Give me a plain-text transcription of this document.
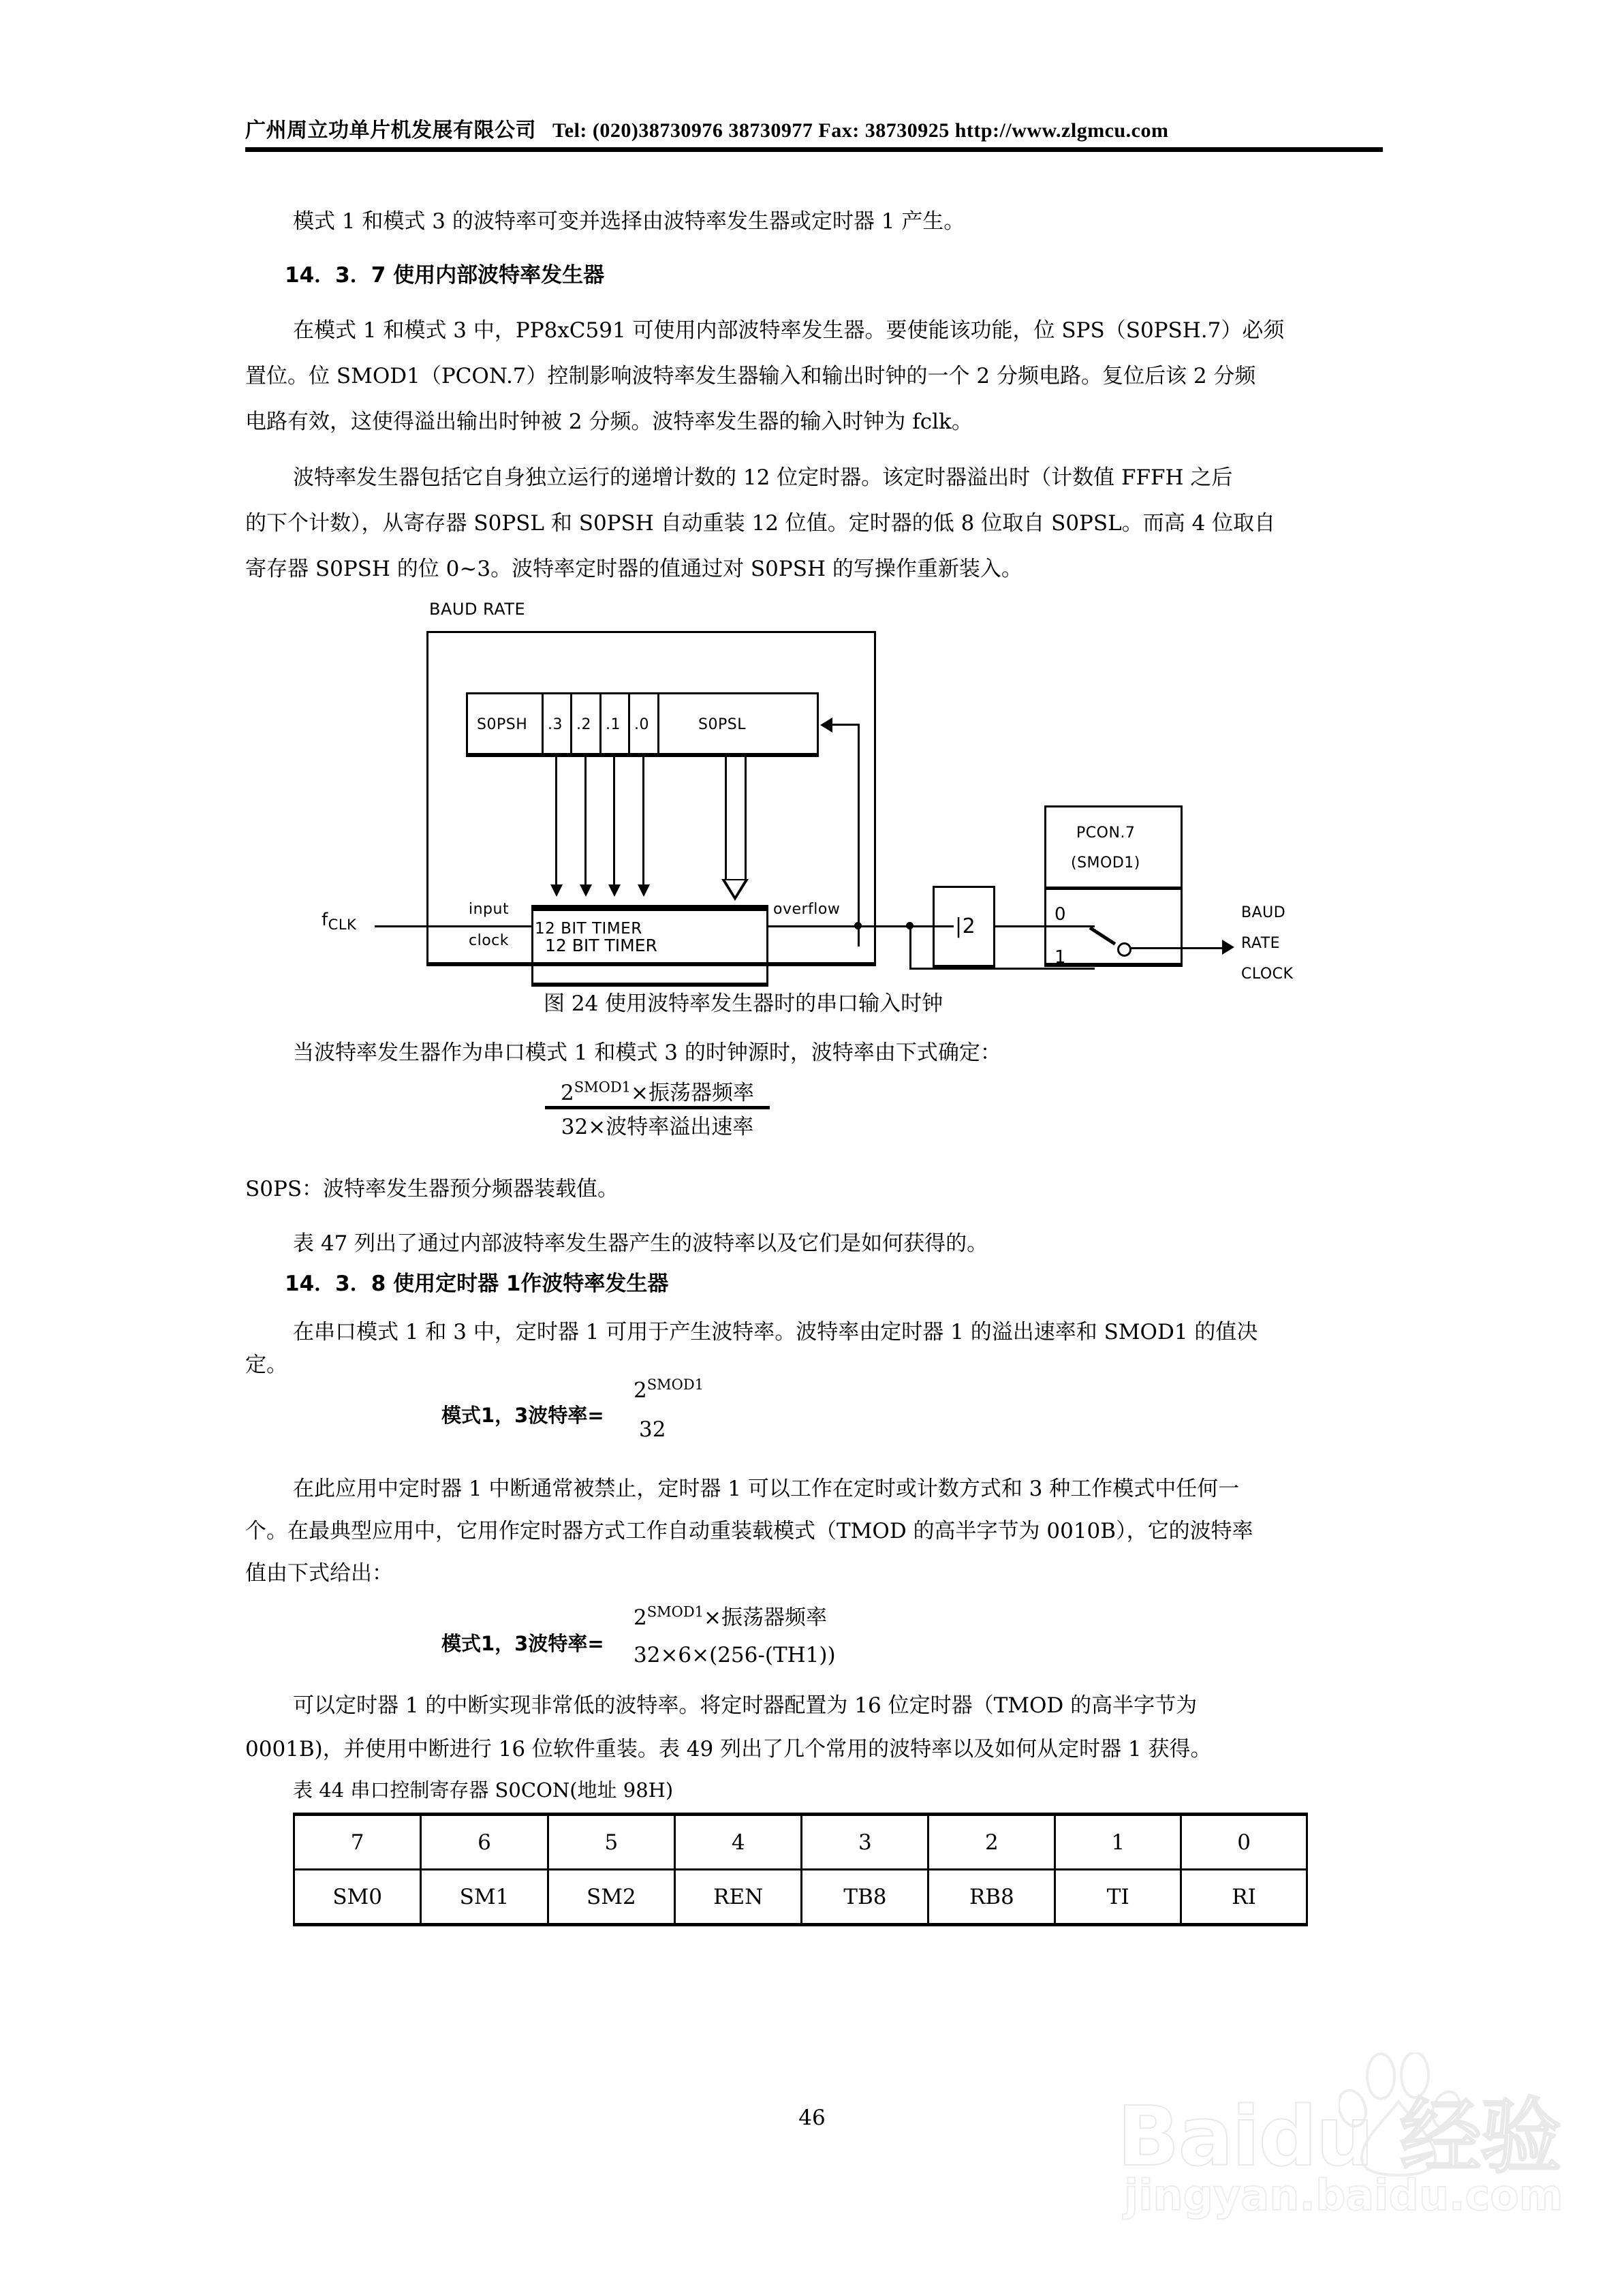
广州周立功单片机发展有限公司 Tel: (020)38730976 38730977 Fax: 38730925 http://www.zlgmcu.com
模式 1 和模式 3 的波特率可变并选择由波特率发生器或定时器 1 产生。
14．3．7 使用内部波特率发生器
在模式 1 和模式 3 中，PP8xC591 可使用内部波特率发生器。要使能该功能，位 SPS（S0PSH.7）必须
置位。位 SMOD1（PCON.7）控制影响波特率发生器输入和输出时钟的一个 2 分频电路。复位后该 2 分频
电路有效，这使得溢出输出时钟被 2 分频。波特率发生器的输入时钟为 fclk。
波特率发生器包括它自身独立运行的递增计数的 12 位定时器。该定时器溢出时（计数值 FFFH 之后
的下个计数），从寄存器 S0PSL 和 S0PSH 自动重装 12 位值。定时器的低 8 位取自 S0PSL。而高 4 位取自
寄存器 S0PSH 的位 0~3。波特率定时器的值通过对 S0PSH 的写操作重新装入。
BAUD RATE
S0PSH .3 .2 .1 .0	S0PSL
input
clock
overflow
12 BIT TIMER
$f_{CLK}$	|2
PCON.7
(SMOD1)
0
1
BAUD
RATE
CLOCK
12 BIT TIMER
图 24 使用波特率发生器时的串口输入时钟
当波特率发生器作为串口模式 1 和模式 3 的时钟源时，波特率由下式确定：
$2^{SMOD1}\times$振荡器频率
32×波特率溢出速率
S0PS：波特率发生器预分频器装载值。
表 47 列出了通过内部波特率发生器产生的波特率以及它们是如何获得的。
14．3．8 使用定时器 1作波特率发生器
在串口模式 1 和 3 中，定时器 1 可用于产生波特率。波特率由定时器 1 的溢出速率和 SMOD1 的值决
定。
模式1，3波特率=
$2^{SMOD1}$
32
在此应用中定时器 1 中断通常被禁止，定时器 1 可以工作在定时或计数方式和 3 种工作模式中任何一
个。在最典型应用中，它用作定时器方式工作自动重装载模式（TMOD 的高半字节为 0010B），它的波特率
值由下式给出：
模式1，3波特率=
$2^{SMOD1}\times$振荡器频率
32×6×(256-(TH1))
可以定时器 1 的中断实现非常低的波特率。将定时器配置为 16 位定时器（TMOD 的高半字节为
0001B)，并使用中断进行 16 位软件重装。表 49 列出了几个常用的波特率以及如何从定时器 1 获得。
表 44 串口控制寄存器 S0CON(地址 98H)
7	6	5	4	3	2	1	0
SM0	SM1	SM2	REN	TB8	RB8	TI	RI
46	Baidu 经验
jingyan.baidu.com
